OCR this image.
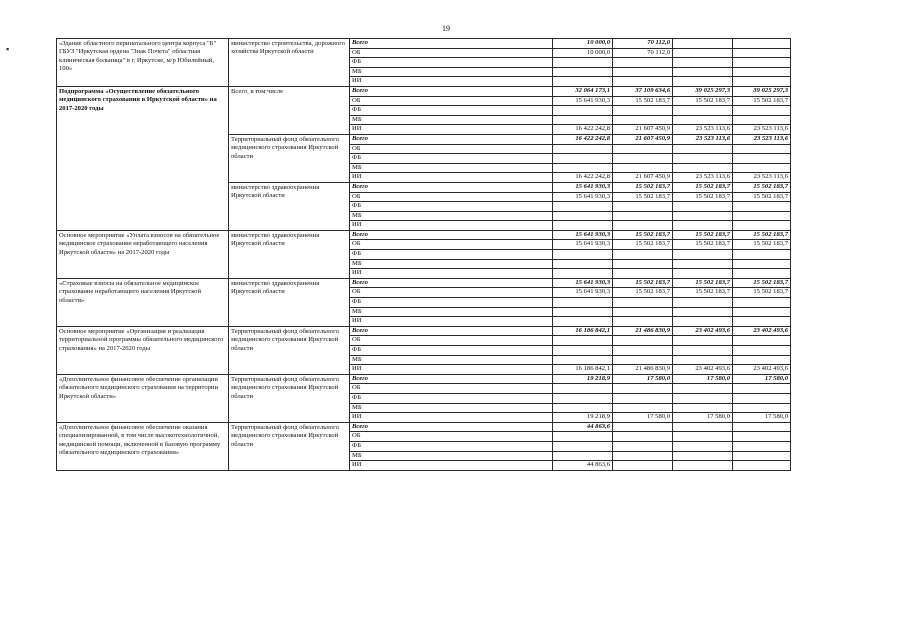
19
▪
«Здание областного перинатального центра корпуса "Б" ГБУЗ "Иркутская ордена "Знак Почета" областная клиническая больница" в г. Иркутске, м/р Юбилейный, 100»	министерство строительства, дорожного хозяйства Иркутской области	Всего	10 000,0	70 112,0		
		ОБ	10 000,0	70 112,0		
		ФБ				
		МБ				
		ИИ				
Подпрограмма «Осуществление обязательного медицинского страхования в Иркутской области» на 2017-2020 годы	Всего, в том числе	Всего	32 064 173,1	37 109 634,6	39 025 297,3	39 025 297,3
		ОБ	15 641 930,3	15 502 183,7	15 502 183,7	15 502 183,7
		ФБ				
		МБ				
		ИИ	16 422 242,8	21 607 450,9	23 523 113,6	23 523 113,6
	Территориальный фонд обязательного медицинского страхования Иркутской области	Всего	16 422 242,8	21 607 450,9	23 523 113,6	23 523 113,6
		ОБ				
		ФБ				
		МБ				
		ИИ	16 422 242,8	21 607 450,9	23 523 113,6	23 523 113,6
	министерство здравоохранения Иркутской области	Всего	15 641 930,3	15 502 183,7	15 502 183,7	15 502 183,7
		ОБ	15 641 930,3	15 502 183,7	15 502 183,7	15 502 183,7
		ФБ				
		МБ				
		ИИ				
Основное мероприятие «Уплата взносов на обязательное медицинское страхование неработающего населения Иркутской области» на 2017-2020 годы	министерство здравоохранения Иркутской области	Всего	15 641 930,3	15 502 183,7	15 502 183,7	15 502 183,7
		ОБ	15 641 930,3	15 502 183,7	15 502 183,7	15 502 183,7
		ФБ				
		МБ				
		ИИ				
«Страховые взносы на обязательное медицинское страхование неработающего населения Иркутской области»	министерство здравоохранения Иркутской области	Всего	15 641 930,3	15 502 183,7	15 502 183,7	15 502 183,7
		ОБ	15 641 930,3	15 502 183,7	15 502 183,7	15 502 183,7
		ФБ				
		МБ				
		ИИ				
Основное мероприятие «Организация и реализация территориальной программы обязательного медицинского страхования» на 2017-2020 годы	Территориальный фонд обязательного медицинского страхования Иркутской области	Всего	16 186 842,1	21 486 830,9	23 402 493,6	23 402 493,6
		ОБ				
		ФБ				
		МБ				
		ИИ	16 186 842,1	21 486 830,9	23 402 493,6	23 402 493,6
«Дополнительное финансовое обеспечение организации обязательного медицинского страхования на территории Иркутской области»	Территориальный фонд обязательного медицинского страхования Иркутской области	Всего	19 218,9	17 580,0	17 580,0	17 580,0
		ОБ				
		ФБ				
		МБ				
		ИИ	19 218,9	17 580,0	17 580,0	17 580,0
«Дополнительное финансовое обеспечение оказания специализированной, в том числе высокотехнологичной, медицинской помощи, включенной в базовую программу обязательного медицинского страхования»	Территориальный фонд обязательного медицинского страхования Иркутской области	Всего	44 863,6			
		ОБ				
		ФБ				
		МБ				
		ИИ	44 863,6			
